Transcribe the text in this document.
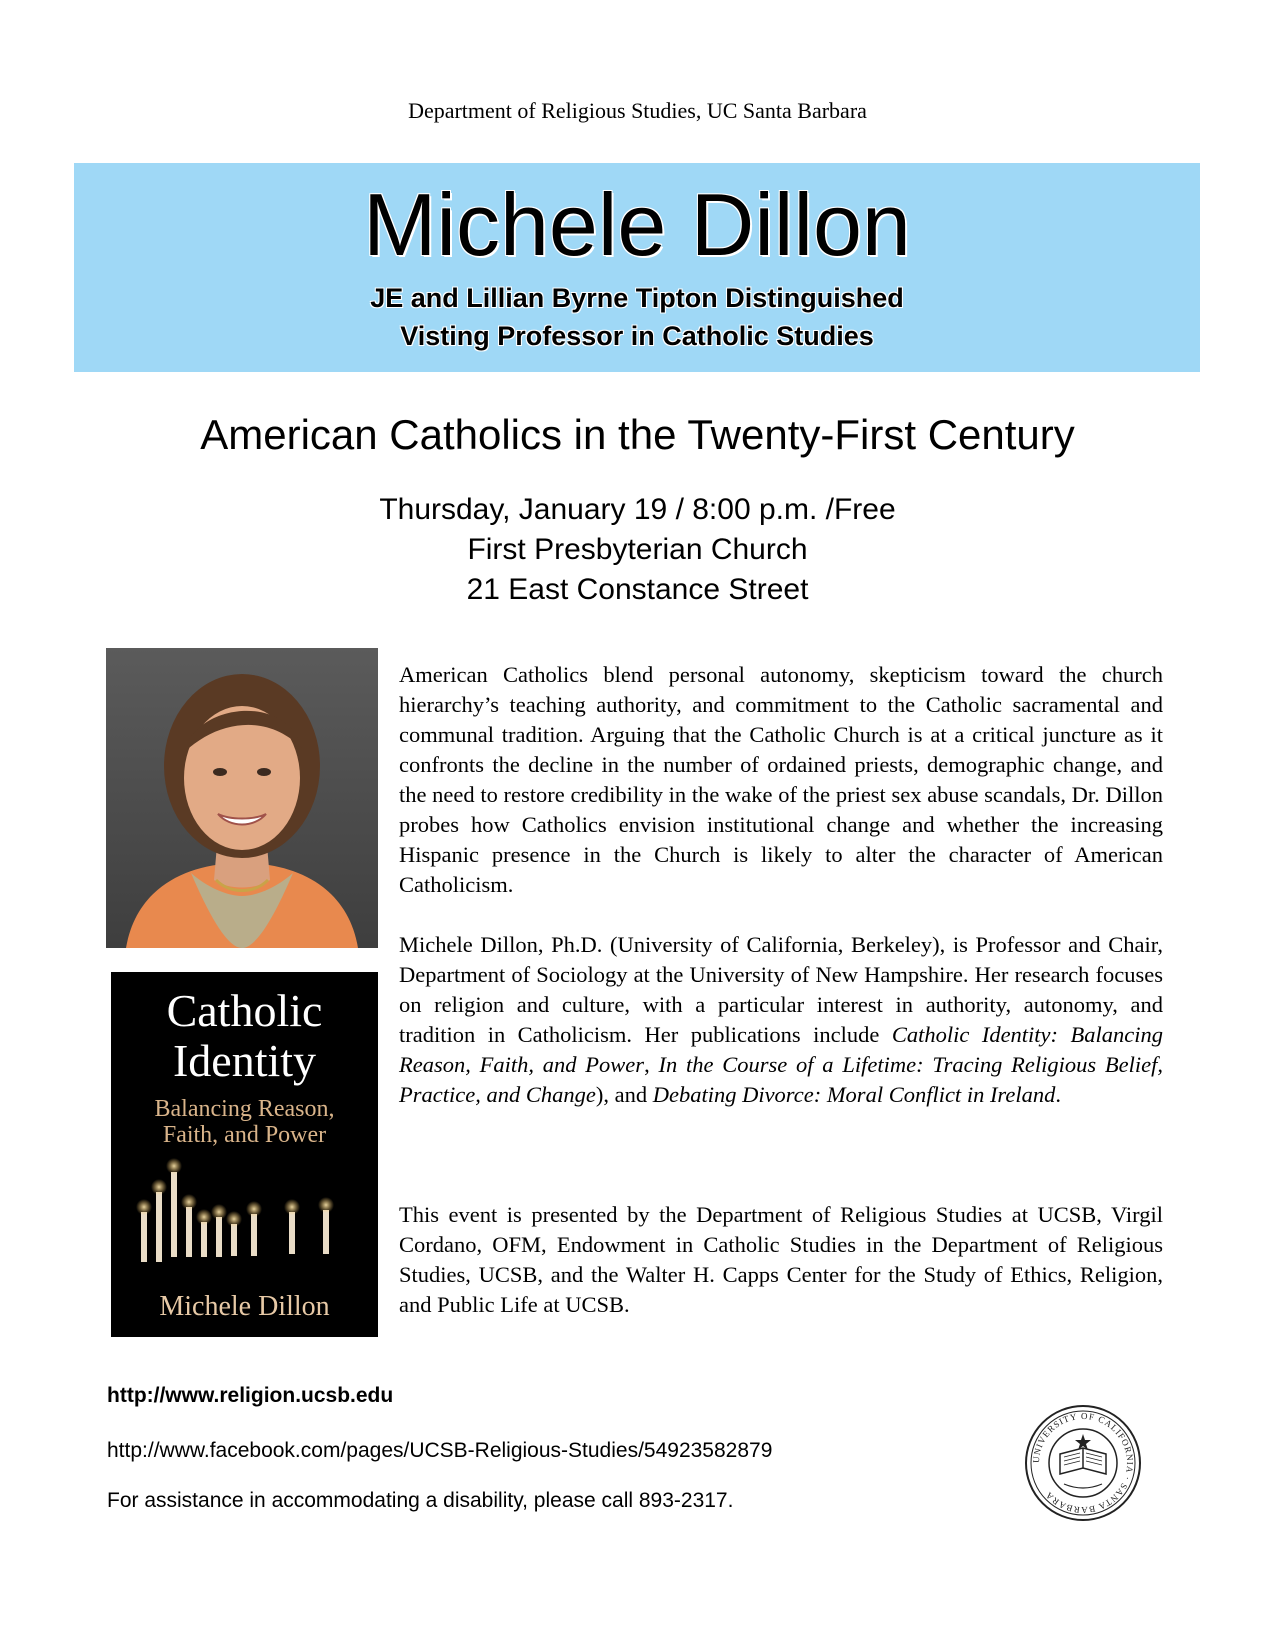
Department of Religious Studies, UC Santa Barbara
Michele Dillon
JE and Lillian Byrne Tipton Distinguished
Visting Professor in Catholic Studies
American Catholics in the Twenty-First Century
Thursday, January 19 / 8:00 p.m. /Free
First Presbyterian Church
21 East Constance Street
Catholic
Identity
Balancing Reason,
Faith, and Power
Michele Dillon

American Catholics blend personal autonomy, skepticism toward the church hierarchy’s teaching authority, and commitment to the Catholic sacramental and communal tradition. Arguing that the Catholic Church is at a critical juncture as it confronts the decline in the number of ordained priests, demographic change, and the need to restore credibility in the wake of the priest sex abuse scandals, Dr. Dillon probes how Catholics envision institutional change and whether the increasing Hispanic presence in the Church is likely to alter the character of American Catholicism.

Michele Dillon, Ph.D. (University of California, Berkeley), is Professor and Chair, Department of Sociology at the University of New Hampshire. Her research focuses on religion and culture, with a particular interest in authority, autonomy, and tradition in Catholicism. Her publications include Catholic Identity: Balancing Reason, Faith, and Power, In the Course of a Lifetime: Tracing Religious Belief, Practice, and Change), and Debating Divorce: Moral Conflict in Ireland.

This event is presented by the Department of Religious Studies at UCSB, Virgil Cordano, OFM, Endowment in Catholic Studies in the Department of Religious Studies, UCSB, and the Walter H. Capps Center for the Study of Ethics, Religion, and Public Life at UCSB.

http://www.religion.ucsb.edu
http://www.facebook.com/pages/UCSB-Religious-Studies/54923582879
For assistance in accommodating a disability, please call 893-2317.
UNIVERSITY OF CALIFORNIA · SANTA BARBARA
